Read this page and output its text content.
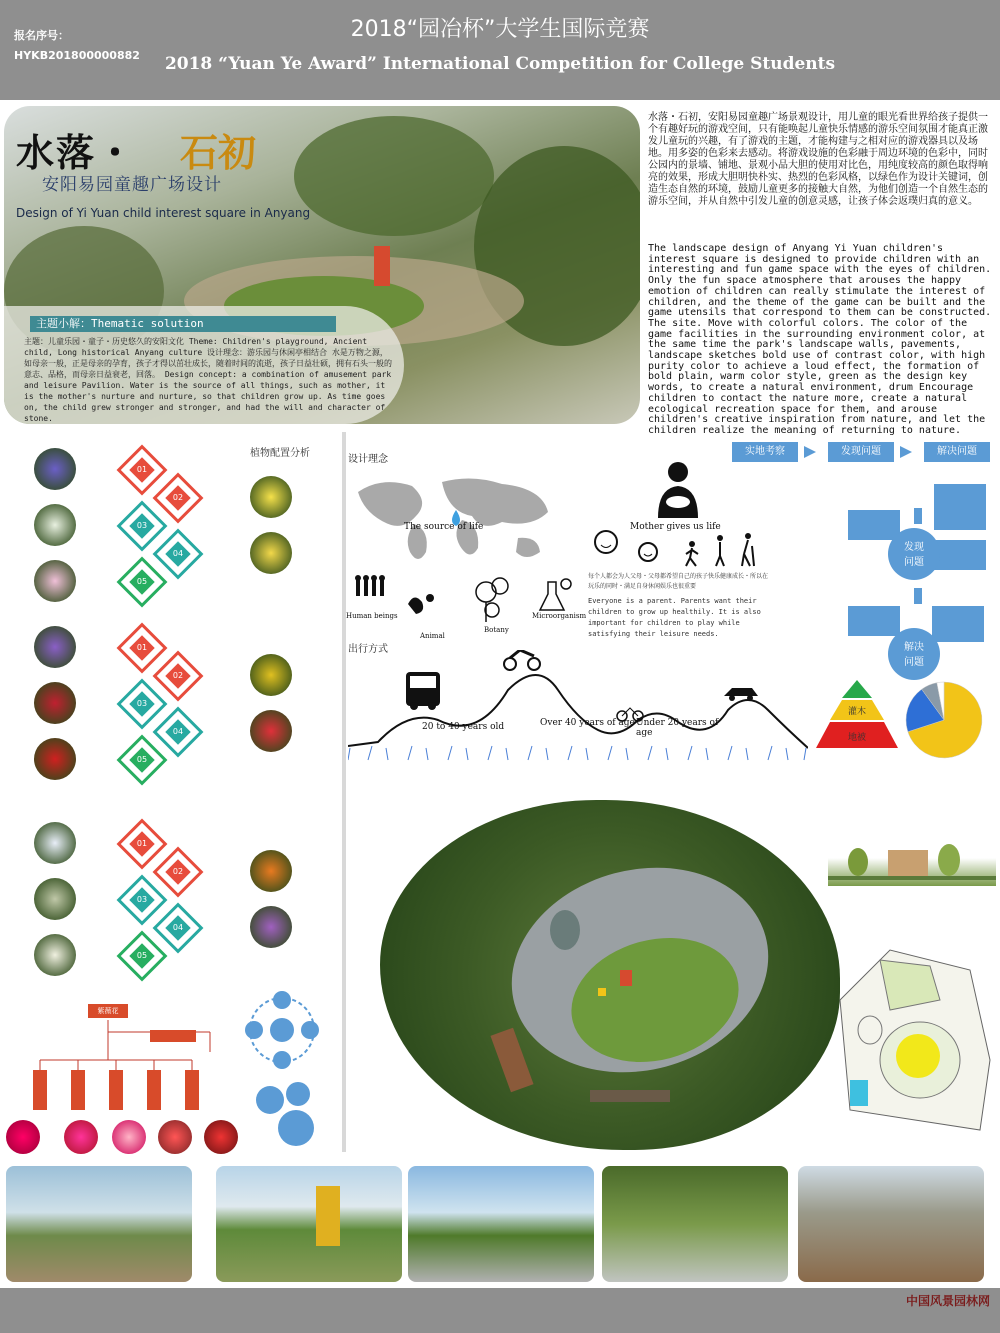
报名序号：
HYKB201800000882
2018“园冶杯”大学生国际竞赛
2018 “Yuan Ye Award” International Competition for College Students
水落・ 石初
安阳易园童趣广场设计
Design of Yi Yuan child interest square in Anyang
主题小解：Thematic solution
主题：儿童乐园・童子・历史悠久的安阳文化 Theme: Children's playground, Ancient child, Long historical Anyang culture 设计理念：游乐园与休闲亭相结合 水是万物之源，如母亲一般，正是母亲的孕育，孩子才得以茁壮成长，随着时间的流逝，孩子日益壮硕，拥有石头一般的意志、品格，而母亲日益衰老，回落。 Design concept: a combination of amusement park and leisure Pavilion. Water is the source of all things, such as mother, it is the mother's nurture and nurture, so that children grow up. As time goes on, the child grew stronger and stronger, and had the will and character of stone.
水落・石初，安阳易园童趣广场景观设计，用儿童的眼光看世界给孩子提供一个有趣好玩的游戏空间，只有能唤起儿童快乐情感的游乐空间氛围才能真正激发儿童玩的兴趣，有了游戏的主题，才能构建与之相对应的游戏器具以及场地。用多姿的色彩来去感动。将游戏设施的色彩融于周边环境的色彩中，同时公园内的景墙、铺地、景观小品大胆的使用对比色，用纯度较高的颜色取得响亮的效果，形成大胆明快朴实、热烈的色彩风格，以绿色作为设计关键词，创造生态自然的环境，鼓励儿童更多的接触大自然，为他们创造一个自然生态的游乐空间，并从自然中引发儿童的创意灵感，让孩子体会返璞归真的意义。
The landscape design of Anyang Yi Yuan children's interest square is designed to provide children with an interesting and fun game space with the eyes of children. Only the fun space atmosphere that arouses the happy emotion of children can really stimulate the interest of children, and the theme of the game can be built and the game utensils that correspond to them can be constructed. The site. Move with colorful colors. The color of the game facilities in the surrounding environment color, at the same time the park's landscape walls, pavements, landscape sketches bold use of contrast color, with high purity color to achieve a loud effect, the formation of bold plain, warm color style, green as the design key words, to create a natural environment, drum Encourage children to contact the nature more, create a natural ecological recreation space for them, and arouse children's creative inspiration from nature, and let the children realize the meaning of returning to nature.
植物配置分析
01
02
03
04
05
01
02
03
04
05
01
02
03
04
05
紫薇花
设计理念
The source of life	Mother gives us life
Human beings
Animal
Botany
Microorganism
每个人都会为人父母・父母都希望自己的孩子快乐健康成长・所以在玩乐的同时・满足自身休闲娱乐也很重要
Everyone is a parent. Parents want their children to grow up healthily. It is also important for children to play while satisfying their leisure needs.
出行方式
20 to 40 years old	Over 40 years of age Under 20 years of age
实地考察	发现问题	解决问题
发现
问题
解决
问题
灌木
地被
中国风景园林网
